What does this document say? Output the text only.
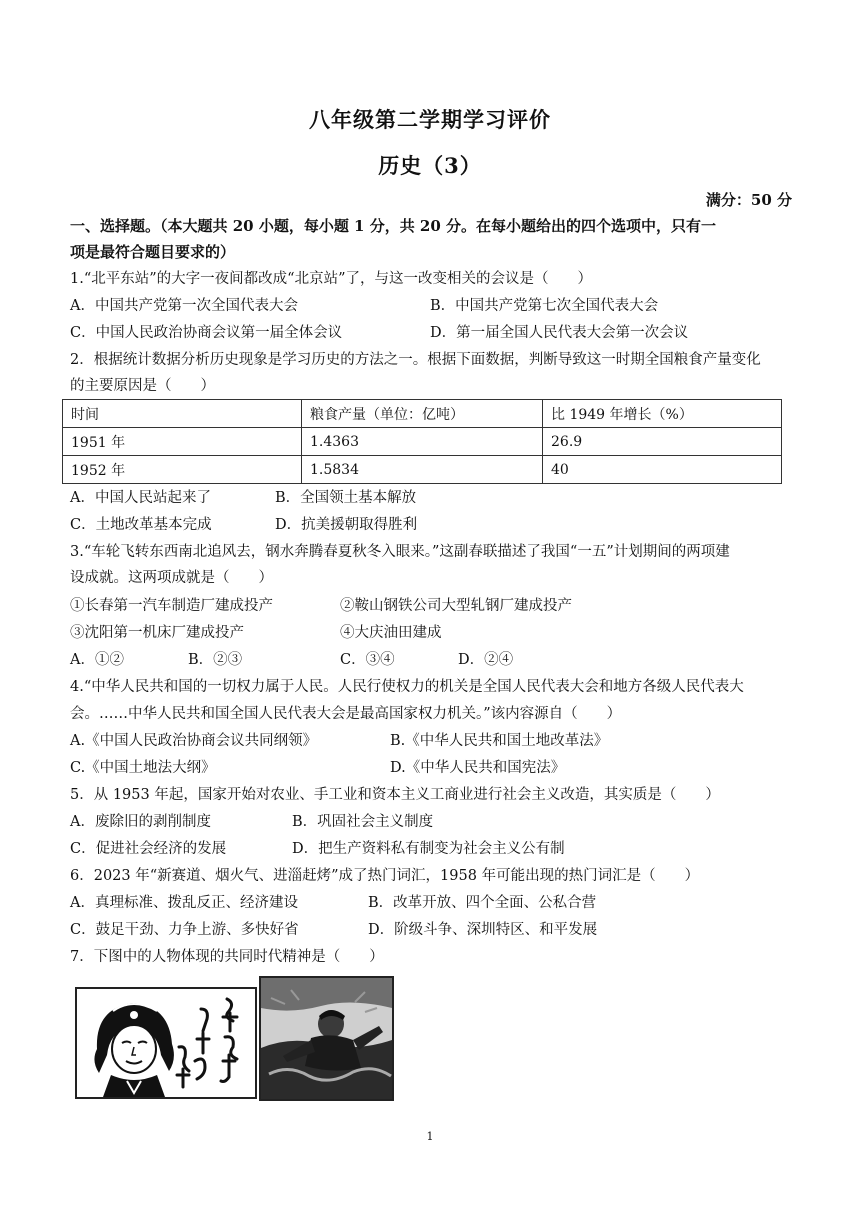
八年级第二学期学习评价
历史（3）
满分：50 分
一、选择题。（本大题共 20 小题，每小题 1 分，共 20 分。在每小题给出的四个选项中，只有一
项是最符合题目要求的）
1.“北平东站”的大字一夜间都改成“北京站”了，与这一改变相关的会议是（　　）
A．中国共产党第一次全国代表大会	B．中国共产党第七次全国代表大会
C．中国人民政治协商会议第一届全体会议	D．第一届全国人民代表大会第一次会议
2．根据统计数据分析历史现象是学习历史的方法之一。根据下面数据，判断导致这一时期全国粮食产量变化
的主要原因是（　　）
时间	粮食产量（单位：亿吨）	比 1949 年增长（%）
1951 年	1.4363	26.9
1952 年	1.5834	40
A．中国人民站起来了	B．全国领土基本解放
C．土地改革基本完成	D．抗美援朝取得胜利
3.“车轮飞转东西南北追风去，钢水奔腾春夏秋冬入眼来。”这副春联描述了我国“一五”计划期间的两项建
设成就。这两项成就是（　　）
①长春第一汽车制造厂建成投产	②鞍山钢铁公司大型轧钢厂建成投产
③沈阳第一机床厂建成投产	④大庆油田建成
A．①②	B．②③	C．③④	D．②④
4.“中华人民共和国的一切权力属于人民。人民行使权力的机关是全国人民代表大会和地方各级人民代表大
会。……中华人民共和国全国人民代表大会是最高国家权力机关。”该内容源自（　　）
A.《中国人民政治协商会议共同纲领》	B.《中华人民共和国土地改革法》
C.《中国土地法大纲》	D.《中华人民共和国宪法》
5．从 1953 年起，国家开始对农业、手工业和资本主义工商业进行社会主义改造，其实质是（　　）
A．废除旧的剥削制度	B．巩固社会主义制度
C．促进社会经济的发展	D．把生产资料私有制变为社会主义公有制
6．2023 年“新赛道、烟火气、进淄赶烤”成了热门词汇，1958 年可能出现的热门词汇是（　　）
A．真理标准、拨乱反正、经济建设	B．改革开放、四个全面、公私合营
C．鼓足干劲、力争上游、多快好省	D．阶级斗争、深圳特区、和平发展
7．下图中的人物体现的共同时代精神是（　　）
1
